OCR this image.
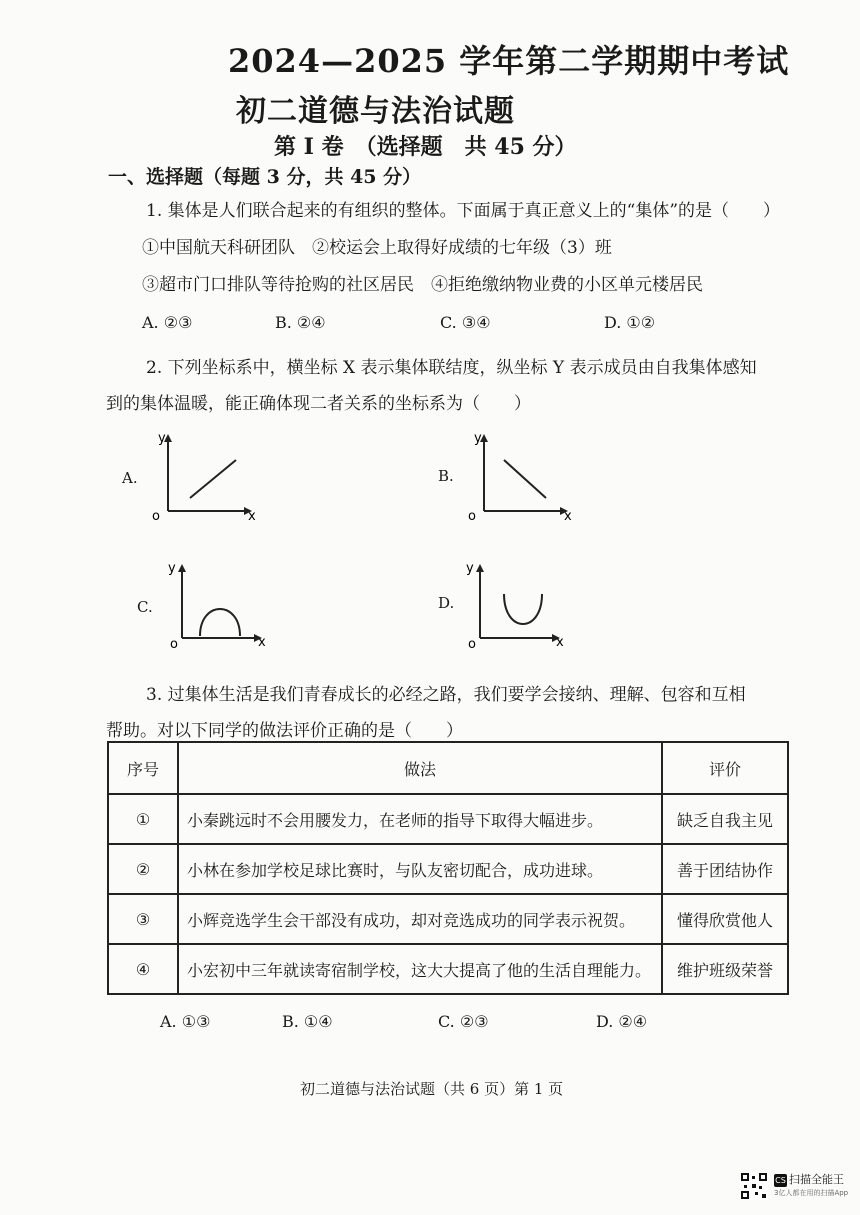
2024—2025 学年第二学期期中考试
初二道德与法治试题
第 I 卷　（选择题　共 45 分）
一、选择题（每题 3 分，共 45 分）
1. 集体是人们联合起来的有组织的整体。下面属于真正意义上的“集体”的是（　　）
①中国航天科研团队　②校运会上取得好成绩的七年级（3）班
③超市门口排队等待抢购的社区居民　④拒绝缴纳物业费的小区单元楼居民
A. ②③	B. ②④	C. ③④	D. ①②
2. 下列坐标系中，横坐标 X 表示集体联结度，纵坐标 Y 表示成员由自我集体感知
到的集体温暖，能正确体现二者关系的坐标系为（　　）
A.
y
o	x
B.
y
o	x
C.
y
o	x
D.
y
o	x
3. 过集体生活是我们青春成长的必经之路，我们要学会接纳、理解、包容和互相
帮助。对以下同学的做法评价正确的是（　　）
序号	做法	评价
①	小秦跳远时不会用腰发力，在老师的指导下取得大幅进步。	缺乏自我主见
②	小林在参加学校足球比赛时，与队友密切配合，成功进球。	善于团结协作
③	小辉竞选学生会干部没有成功，却对竞选成功的同学表示祝贺。	懂得欣赏他人
④	小宏初中三年就读寄宿制学校，这大大提高了他的生活自理能力。	维护班级荣誉
A. ①③	B. ①④	C. ②③	D. ②④
初二道德与法治试题（共 6 页）第 1 页
CS 扫描全能王
3亿人都在用的扫描App
